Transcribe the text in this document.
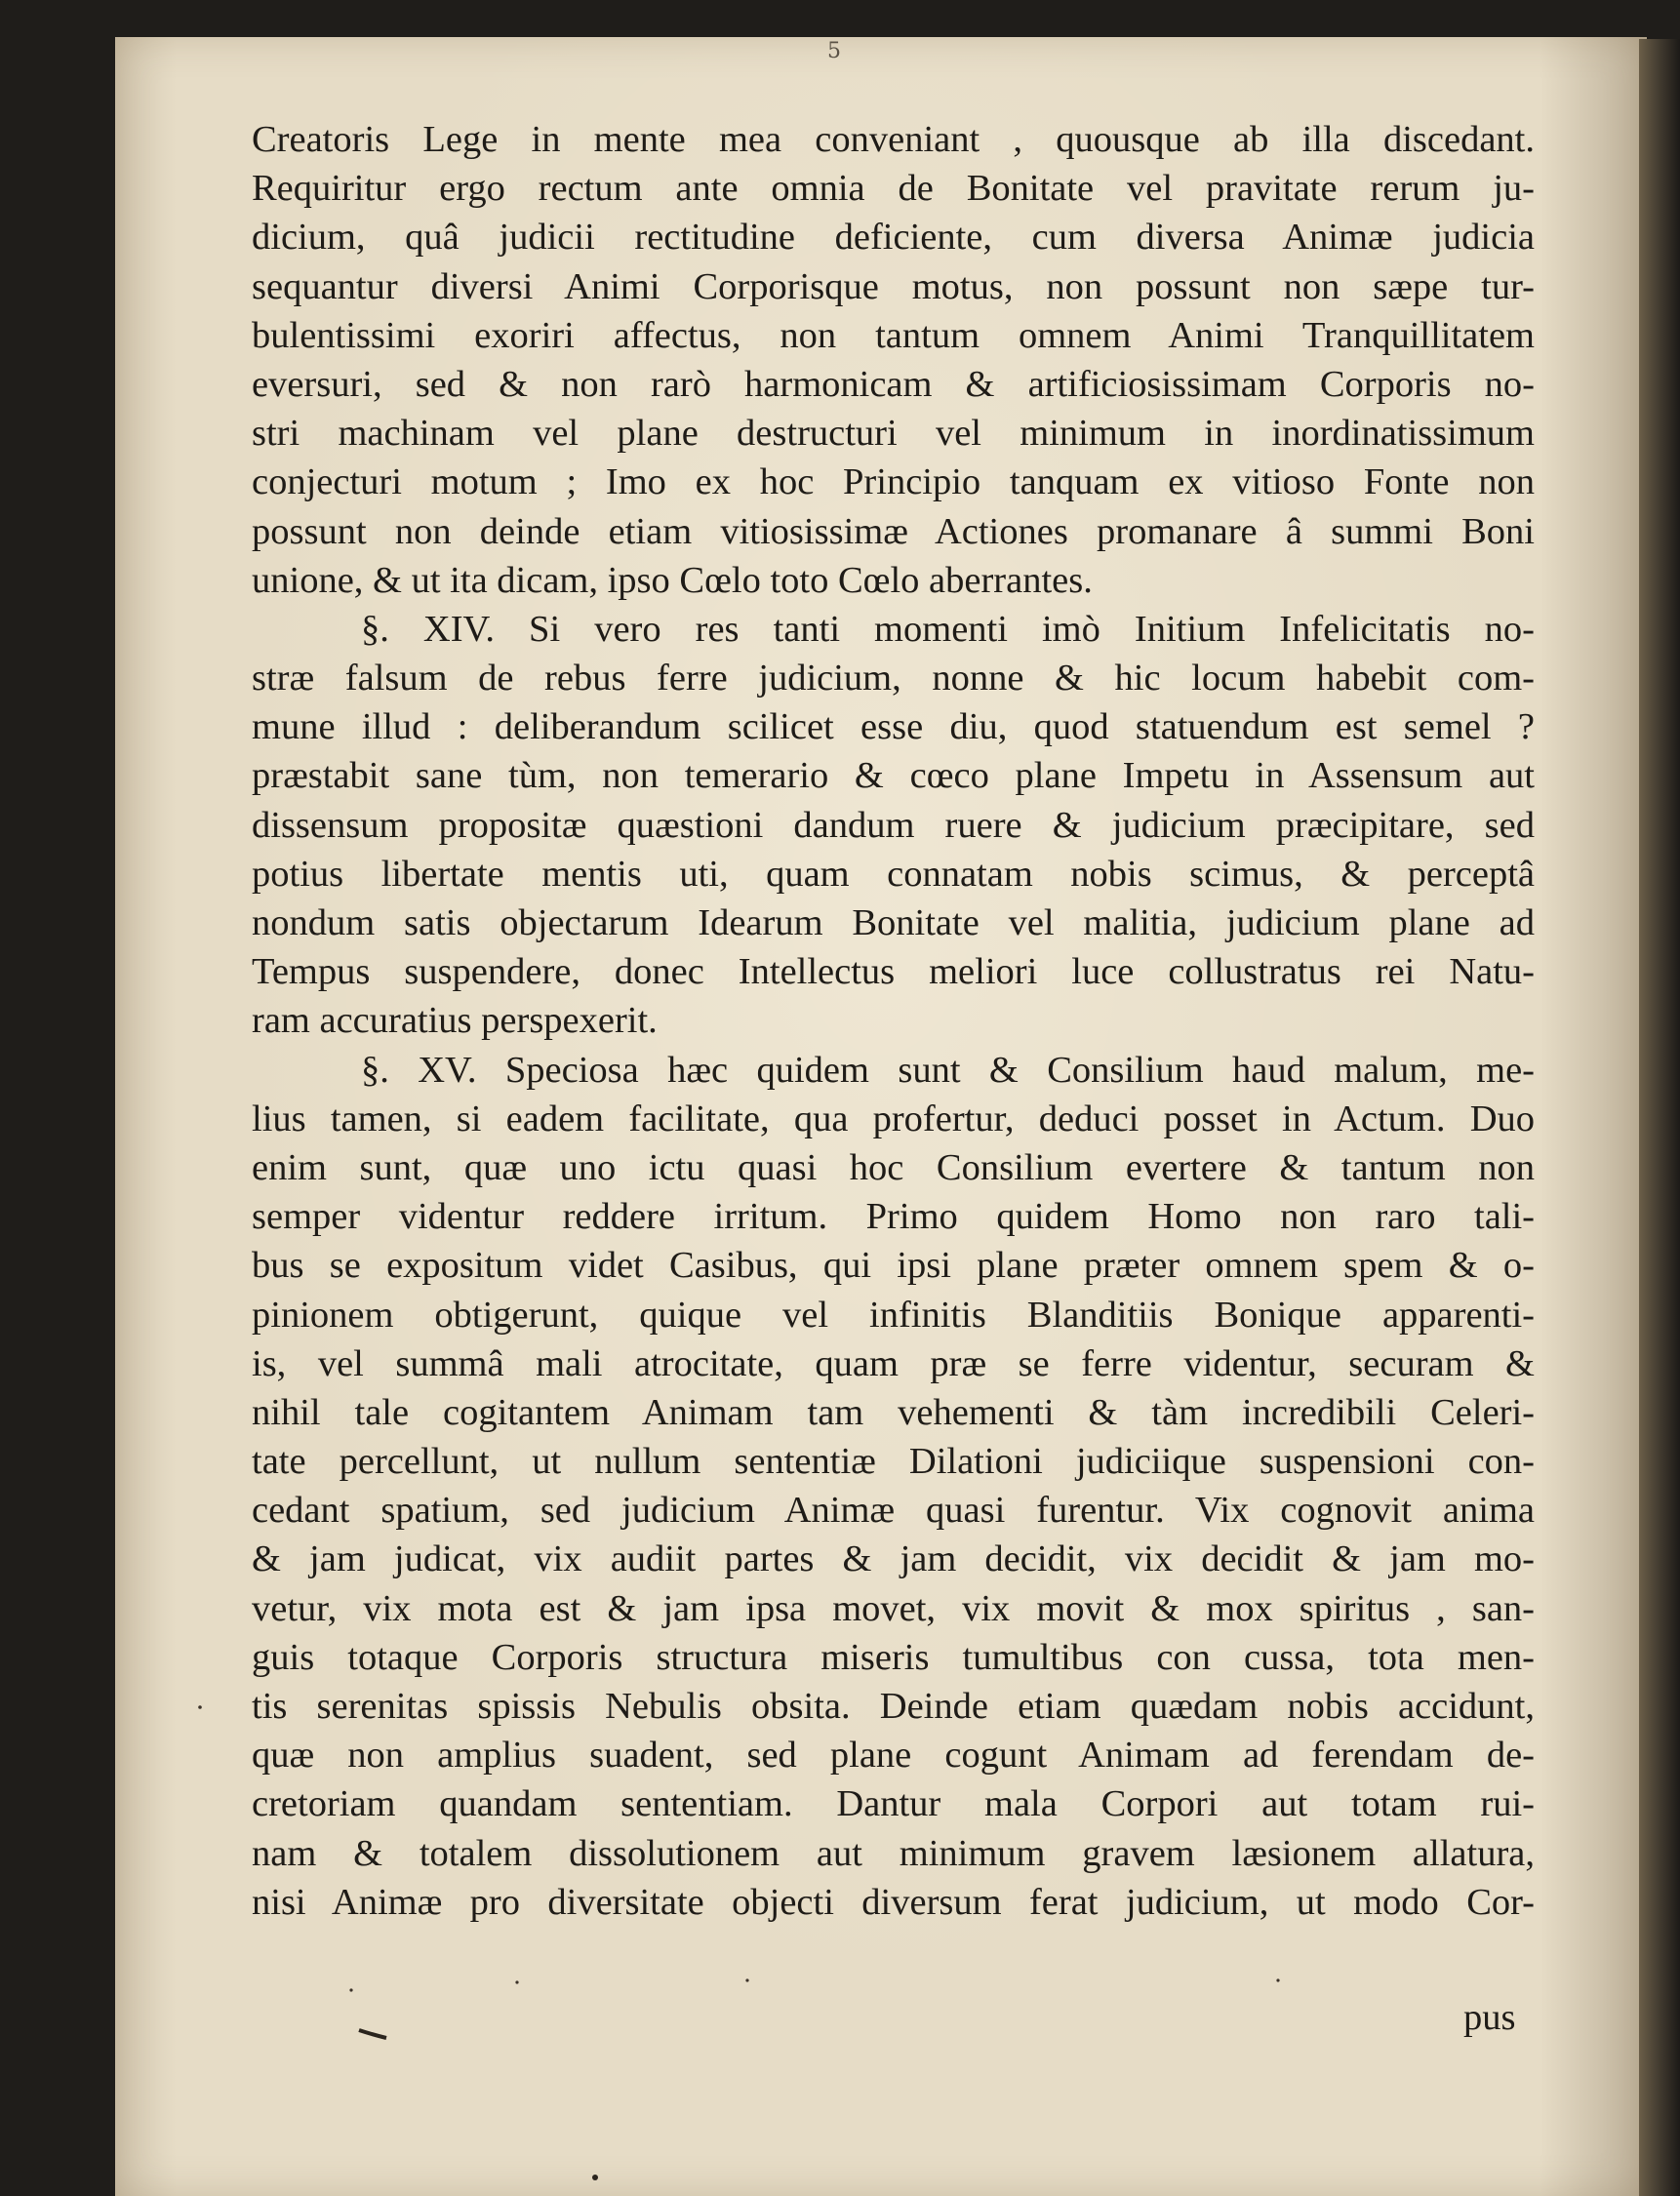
5
Creatoris Lege in mente mea conveniant , quousque ab illa discedant.
Requiritur ergo rectum ante omnia de Bonitate vel pravitate rerum ju-
dicium, quâ judicii rectitudine deficiente, cum diversa Animæ judicia
sequantur diversi Animi Corporisque motus, non possunt non sæpe tur-
bulentissimi exoriri affectus, non tantum omnem Animi Tranquillitatem
eversuri, sed & non rarò harmonicam & artificiosissimam Corporis no-
stri machinam vel plane destructuri vel minimum in inordinatissimum
conjecturi motum ; Imo ex hoc Principio tanquam ex vitioso Fonte non
possunt non deinde etiam vitiosissimæ Actiones promanare â summi Boni
unione, & ut ita dicam, ipso Cœlo toto Cœlo aberrantes.
§. XIV. Si vero res tanti momenti imò Initium Infelicitatis no-
stræ falsum de rebus ferre judicium, nonne & hic locum habebit com-
mune illud : deliberandum scilicet esse diu, quod statuendum est semel ?
præstabit sane tùm, non temerario & cœco plane Impetu in Assensum aut
dissensum propositæ quæstioni dandum ruere & judicium præcipitare, sed
potius libertate mentis uti, quam connatam nobis scimus, & perceptâ
nondum satis objectarum Idearum Bonitate vel malitia, judicium plane ad
Tempus suspendere, donec Intellectus meliori luce collustratus rei Natu-
ram accuratius perspexerit.
§. XV. Speciosa hæc quidem sunt & Consilium haud malum, me-
lius tamen, si eadem facilitate, qua profertur, deduci posset in Actum. Duo
enim sunt, quæ uno ictu quasi hoc Consilium evertere & tantum non
semper videntur reddere irritum. Primo quidem Homo non raro tali-
bus se expositum videt Casibus, qui ipsi plane præter omnem spem & o-
pinionem obtigerunt, quique vel infinitis Blanditiis Bonique apparenti-
is, vel summâ mali atrocitate, quam præ se ferre videntur, securam &
nihil tale cogitantem Animam tam vehementi & tàm incredibili Celeri-
tate percellunt, ut nullum sententiæ Dilationi judiciique suspensioni con-
cedant spatium, sed judicium Animæ quasi furentur. Vix cognovit anima
& jam judicat, vix audiit partes & jam decidit, vix decidit & jam mo-
vetur, vix mota est & jam ipsa movet, vix movit & mox spiritus , san-
guis totaque Corporis structura miseris tumultibus con cussa, tota men-
tis serenitas spissis Nebulis obsita. Deinde etiam quædam nobis accidunt,
quæ non amplius suadent, sed plane cogunt Animam ad ferendam de-
cretoriam quandam sententiam. Dantur mala Corpori aut totam rui-
nam & totalem dissolutionem aut minimum gravem læsionem allatura,
nisi Animæ pro diversitate objecti diversum ferat judicium, ut modo Cor-
pus
